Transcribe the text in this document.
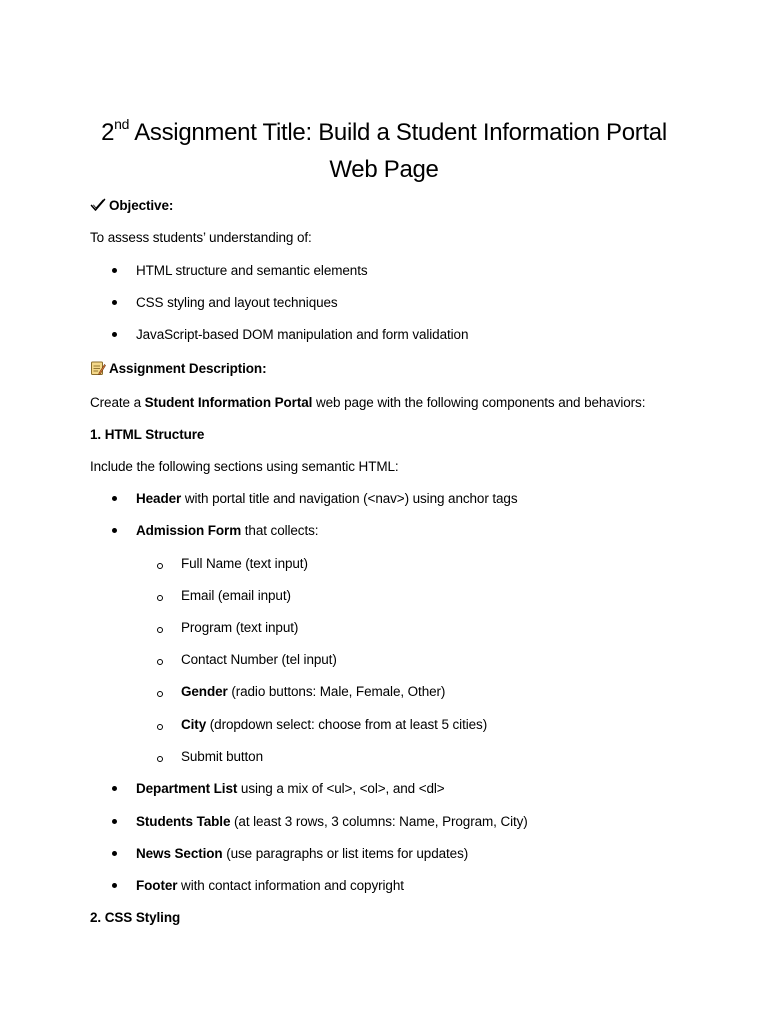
2nd Assignment Title: Build a Student Information Portal
Web Page
Objective:
To assess students’ understanding of:
HTML structure and semantic elements
CSS styling and layout techniques
JavaScript-based DOM manipulation and form validation
Assignment Description:
Create a Student Information Portal web page with the following components and behaviors:
1. HTML Structure
Include the following sections using semantic HTML:
Header with portal title and navigation (<nav>) using anchor tags
Admission Form that collects:
Full Name (text input)
Email (email input)
Program (text input)
Contact Number (tel input)
Gender (radio buttons: Male, Female, Other)
City (dropdown select: choose from at least 5 cities)
Submit button
Department List using a mix of <ul>, <ol>, and <dl>
Students Table (at least 3 rows, 3 columns: Name, Program, City)
News Section (use paragraphs or list items for updates)
Footer with contact information and copyright
2. CSS Styling
